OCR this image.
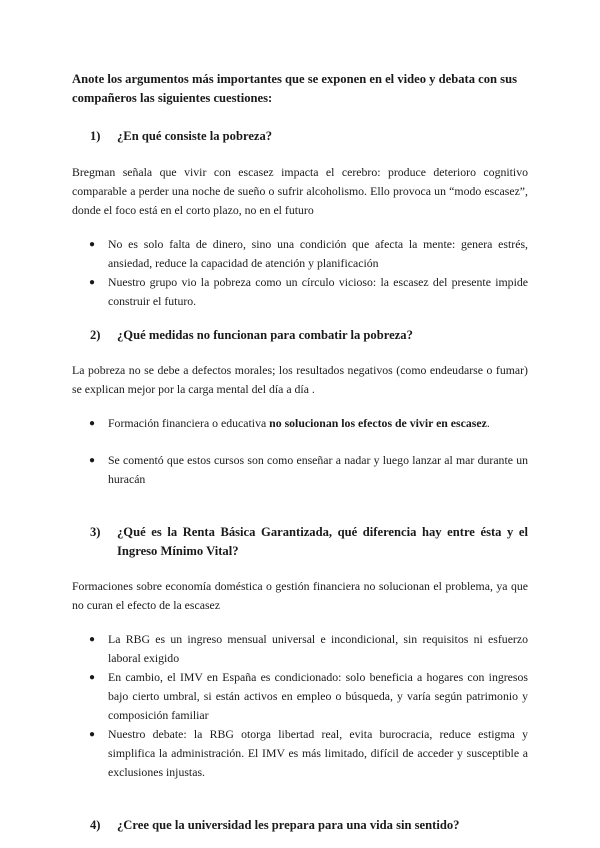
Anote los argumentos más importantes que se exponen en el video y debata con sus compañeros las siguientes cuestiones:

1)	¿En qué consiste la pobreza?

Bregman señala que vivir con escasez impacta el cerebro: produce deterioro cognitivo comparable a perder una noche de sueño o sufrir alcoholismo. Ello provoca un “modo escasez”, donde el foco está en el corto plazo, no en el futuro

● No es solo falta de dinero, sino una condición que afecta la mente: genera estrés, ansiedad, reduce la capacidad de atención y planificación
● Nuestro grupo vio la pobreza como un círculo vicioso: la escasez del presente impide construir el futuro.
2)	¿Qué medidas no funcionan para combatir la pobreza?

La pobreza no se debe a defectos morales; los resultados negativos (como endeudarse o fumar) se explican mejor por la carga mental del día a día .

● Formación financiera o educativa no solucionan los efectos de vivir en escasez.
● Se comentó que estos cursos son como enseñar a nadar y luego lanzar al mar durante un huracán
3)	¿Qué es la Renta Básica Garantizada, qué diferencia hay entre ésta y el Ingreso Mínimo Vital?

Formaciones sobre economía doméstica o gestión financiera no solucionan el problema, ya que no curan el efecto de la escasez

● La RBG es un ingreso mensual universal e incondicional, sin requisitos ni esfuerzo laboral exigido
● En cambio, el IMV en España es condicionado: solo beneficia a hogares con ingresos bajo cierto umbral, si están activos en empleo o búsqueda, y varía según patrimonio y composición familiar
● Nuestro debate: la RBG otorga libertad real, evita burocracia, reduce estigma y simplifica la administración. El IMV es más limitado, difícil de acceder y susceptible a exclusiones injustas.
4)	¿Cree que la universidad les prepara para una vida sin sentido?
